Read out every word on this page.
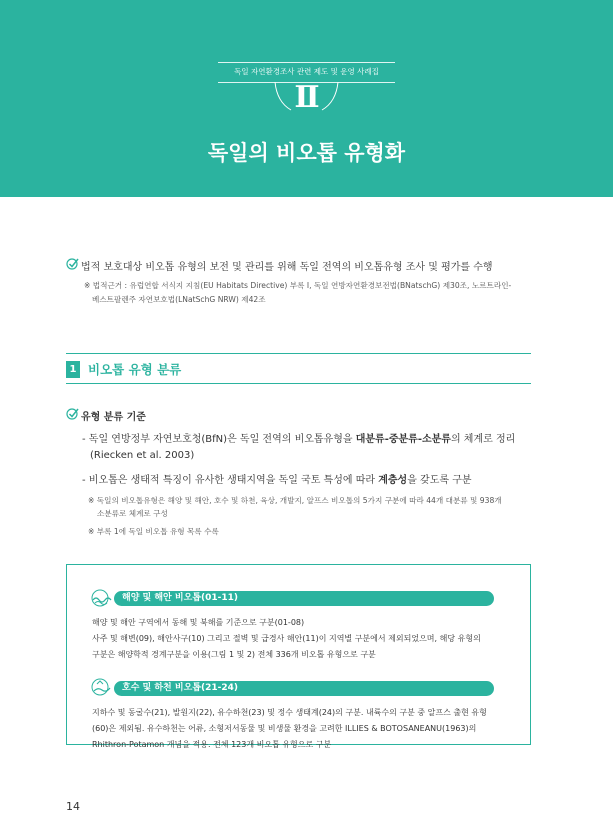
독일 자연환경조사 관련 제도 및 운영 사례집
Ⅱ
독일의 비오톱 유형화
법적 보호대상 비오톱 유형의 보전 및 관리를 위해 독일 전역의 비오톱유형 조사 및 평가를 수행
※ 법적근거 : 유럽연합 서식지 지침(EU Habitats Directive) 부록 I, 독일 연방자연환경보전법(BNatschG) 제30조, 노르트라인-
베스트팔렌주 자연보호법(LNatSchG NRW) 제42조
1 비오톱 유형 분류
유형 분류 기준
- 독일 연방정부 자연보호청(BfN)은 독일 전역의 비오톱유형을 대분류-중분류-소분류의 체계로 정리
(Riecken et al. 2003)
- 비오톱은 생태적 특징이 유사한 생태지역을 독일 국토 특성에 따라 계층성을 갖도록 구분
※ 독일의 비오톱유형은 해양 및 해안, 호수 및 하천, 육상, 개발지, 알프스 비오톱의 5가지 구분에 따라 44개 대분류 및 938개
소분류로 체계로 구성
※ 부록 1에 독일 비오톱 유형 목록 수록
해양 및 해안 비오톱(01-11)
해양 및 해안 구역에서 동해 및 북해를 기준으로 구분(01-08)
사주 및 해변(09), 해안사구(10) 그리고 절벽 및 급경사 해안(11)이 지역별 구분에서 제외되었으며, 해당 유형의
구분은 해양학적 경계구분을 이용(그림 1 및 2) 전체 336개 비오톱 유형으로 구분
호수 및 하천 비오톱(21-24)
지하수 및 동굴수(21), 발원지(22), 유수하천(23) 및 정수 생태계(24)의 구분. 내륙수의 구분 중 알프스 출현 유형
(60)은 제외됨. 유수하천는 어류, 소형저서동물 및 비생물 환경을 고려한 ILLIES & BOTOSANEANU(1963)의
Rhithron-Potamon 개념을 적용. 전체 123개 비오톱 유형으로 구분
14
